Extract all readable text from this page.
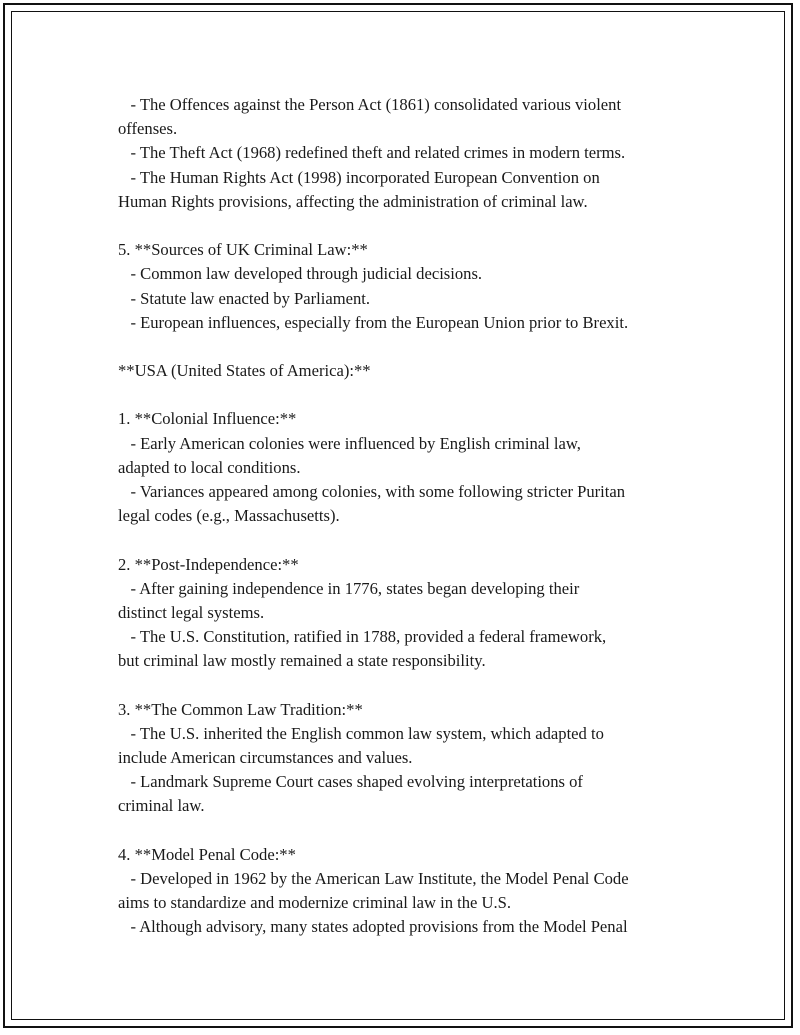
- The Offences against the Person Act (1861) consolidated various violent
offenses.
- The Theft Act (1968) redefined theft and related crimes in modern terms.
- The Human Rights Act (1998) incorporated European Convention on
Human Rights provisions, affecting the administration of criminal law.
5. **Sources of UK Criminal Law:**
- Common law developed through judicial decisions.
- Statute law enacted by Parliament.
- European influences, especially from the European Union prior to Brexit.
**USA (United States of America):**
1. **Colonial Influence:**
- Early American colonies were influenced by English criminal law,
adapted to local conditions.
- Variances appeared among colonies, with some following stricter Puritan
legal codes (e.g., Massachusetts).
2. **Post-Independence:**
- After gaining independence in 1776, states began developing their
distinct legal systems.
- The U.S. Constitution, ratified in 1788, provided a federal framework,
but criminal law mostly remained a state responsibility.
3. **The Common Law Tradition:**
- The U.S. inherited the English common law system, which adapted to
include American circumstances and values.
- Landmark Supreme Court cases shaped evolving interpretations of
criminal law.
4. **Model Penal Code:**
- Developed in 1962 by the American Law Institute, the Model Penal Code
aims to standardize and modernize criminal law in the U.S.
- Although advisory, many states adopted provisions from the Model Penal
